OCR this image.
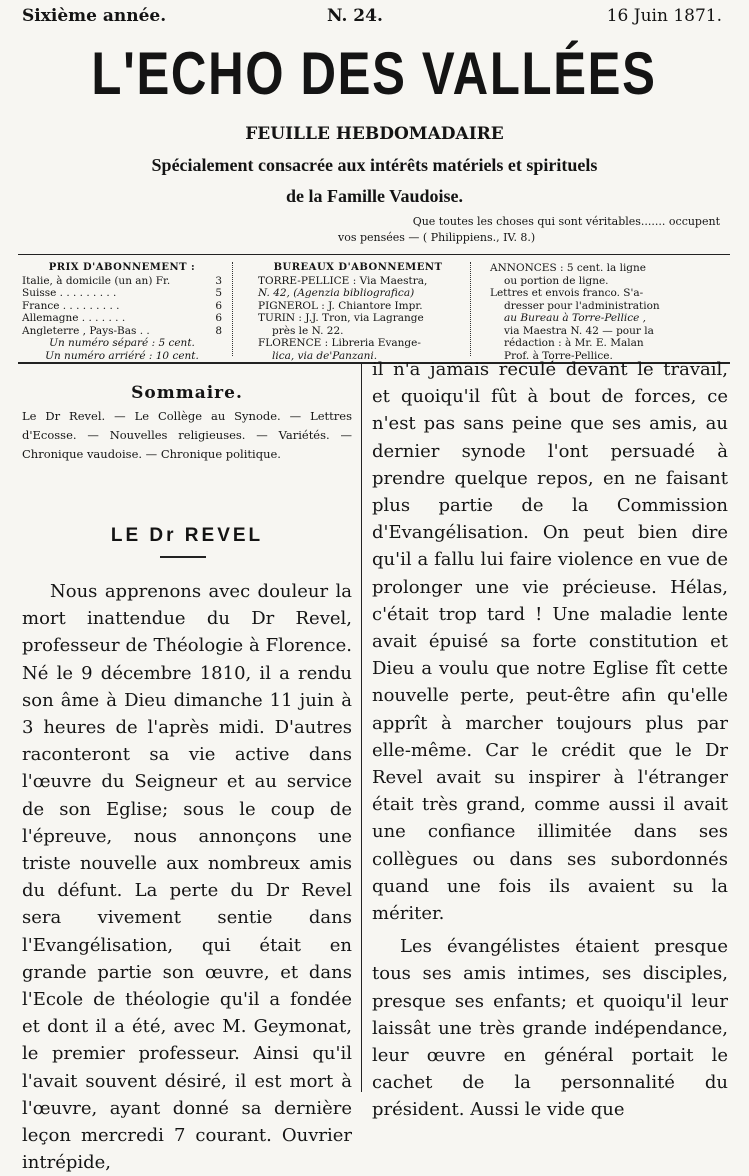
Sixième année.	N. 24.	16 Juin 1871.
L'ECHO DES VALLÉES
FEUILLE HEBDOMADAIRE
Spécialement consacrée aux intérêts matériels et spirituels
de la Famille Vaudoise.
Que toutes les choses qui sont véritables....... occupent
vos pensées — ( Philippiens., IV. 8.)
PRIX D'ABONNEMENT :
Italie, à domicile (un an) Fr.	3
Suisse . . . . . . . . .	5
France . . . . . . . . .	6
Allemagne . . . . . . .	6
Angleterre , Pays-Bas . .	8
Un numéro séparé : 5 cent.
Un numéro arriéré : 10 cent.
BUREAUX D'ABONNEMENT
TORRE-PELLICE : Via Maestra,
N. 42, (Agenzia bibliografica)
PIGNEROL : J. Chiantore Impr.
TURIN : J.J. Tron, via Lagrange
près le N. 22.
FLORENCE : Libreria Evange-
lica, via de'Panzani.
ANNONCES : 5 cent. la ligne
ou portion de ligne.
Lettres et envois franco. S'a-
dresser pour l'administration
au Bureau à Torre-Pellice ,
via Maestra N. 42 — pour la
rédaction : à Mr. E. Malan
Prof. à Torre-Pellice.
Sommaire.
Le Dr Revel. — Le Collège au Synode. — Lettres d'Ecosse. — Nouvelles religieuses. — Variétés. — Chronique vaudoise. — Chronique politique.
LE Dr REVEL

Nous apprenons avec douleur la mort inattendue du Dr Revel, professeur de Théologie à Florence. Né le 9 décembre 1810, il a rendu son âme à Dieu dimanche 11 juin à 3 heures de l'après midi. D'autres raconteront sa vie active dans l'œuvre du Seigneur et au service de son Eglise; sous le coup de l'épreuve, nous annonçons une triste nouvelle aux nombreux amis du défunt. La perte du Dr Revel sera vivement sentie dans l'Evangélisation, qui était en grande partie son œuvre, et dans l'Ecole de théologie qu'il a fondée et dont il a été, avec M. Geymonat, le premier professeur. Ainsi qu'il l'avait souvent désiré, il est mort à l'œuvre, ayant donné sa dernière leçon mercredi 7 courant. Ouvrier intrépide,

il n'a jamais reculé devant le travail, et quoiqu'il fût à bout de forces, ce n'est pas sans peine que ses amis, au dernier synode l'ont persuadé à prendre quelque repos, en ne faisant plus partie de la Commission d'Evangélisation. On peut bien dire qu'il a fallu lui faire violence en vue de prolonger une vie précieuse. Hélas, c'était trop tard ! Une maladie lente avait épuisé sa forte constitution et Dieu a voulu que notre Eglise fît cette nouvelle perte, peut-être afin qu'elle apprît à marcher toujours plus par elle-même. Car le crédit que le Dr Revel avait su inspirer à l'étranger était très grand, comme aussi il avait une confiance illimitée dans ses collègues ou dans ses subordonnés quand une fois ils avaient su la mériter.

Les évangélistes étaient presque tous ses amis intimes, ses disciples, presque ses enfants; et quoiqu'il leur laissât une très grande indépendance, leur œuvre en général portait le cachet de la personnalité du président. Aussi le vide que
